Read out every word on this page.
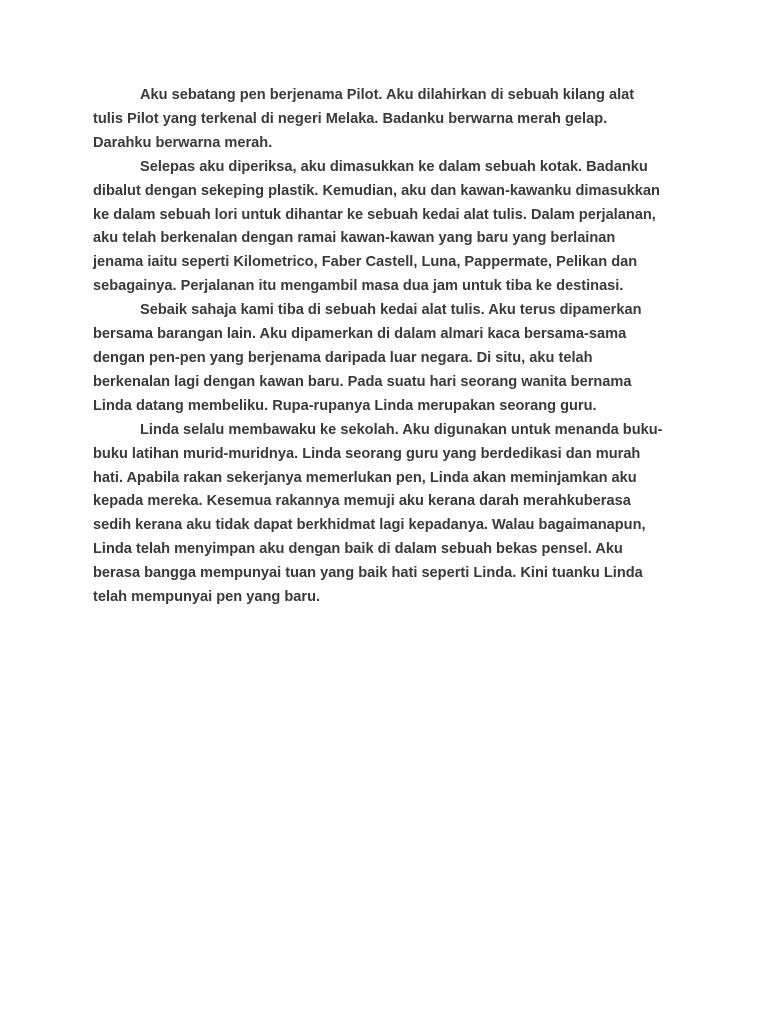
Aku sebatang pen berjenama Pilot. Aku dilahirkan di sebuah kilang alat
tulis Pilot yang terkenal di negeri Melaka. Badanku berwarna merah gelap.
Darahku berwarna merah.
Selepas aku diperiksa, aku dimasukkan ke dalam sebuah kotak. Badanku
dibalut dengan sekeping plastik. Kemudian, aku dan kawan-kawanku dimasukkan
ke dalam sebuah lori untuk dihantar ke sebuah kedai alat tulis. Dalam perjalanan,
aku telah berkenalan dengan ramai kawan-kawan yang baru yang berlainan
jenama iaitu seperti Kilometrico, Faber Castell, Luna, Pappermate, Pelikan dan
sebagainya. Perjalanan itu mengambil masa dua jam untuk tiba ke destinasi.
Sebaik sahaja kami tiba di sebuah kedai alat tulis. Aku terus dipamerkan
bersama barangan lain. Aku dipamerkan di dalam almari kaca bersama-sama
dengan pen-pen yang berjenama daripada luar negara. Di situ, aku telah
berkenalan lagi dengan kawan baru. Pada suatu hari seorang wanita bernama
Linda datang membeliku. Rupa-rupanya Linda merupakan seorang guru.
Linda selalu membawaku ke sekolah. Aku digunakan untuk menanda buku-
buku latihan murid-muridnya. Linda seorang guru yang berdedikasi dan murah
hati. Apabila rakan sekerjanya memerlukan pen, Linda akan meminjamkan aku
kepada mereka. Kesemua rakannya memuji aku kerana darah merahkuberasa
sedih kerana aku tidak dapat berkhidmat lagi kepadanya. Walau bagaimanapun,
Linda telah menyimpan aku dengan baik di dalam sebuah bekas pensel. Aku
berasa bangga mempunyai tuan yang baik hati seperti Linda. Kini tuanku Linda
telah mempunyai pen yang baru.
